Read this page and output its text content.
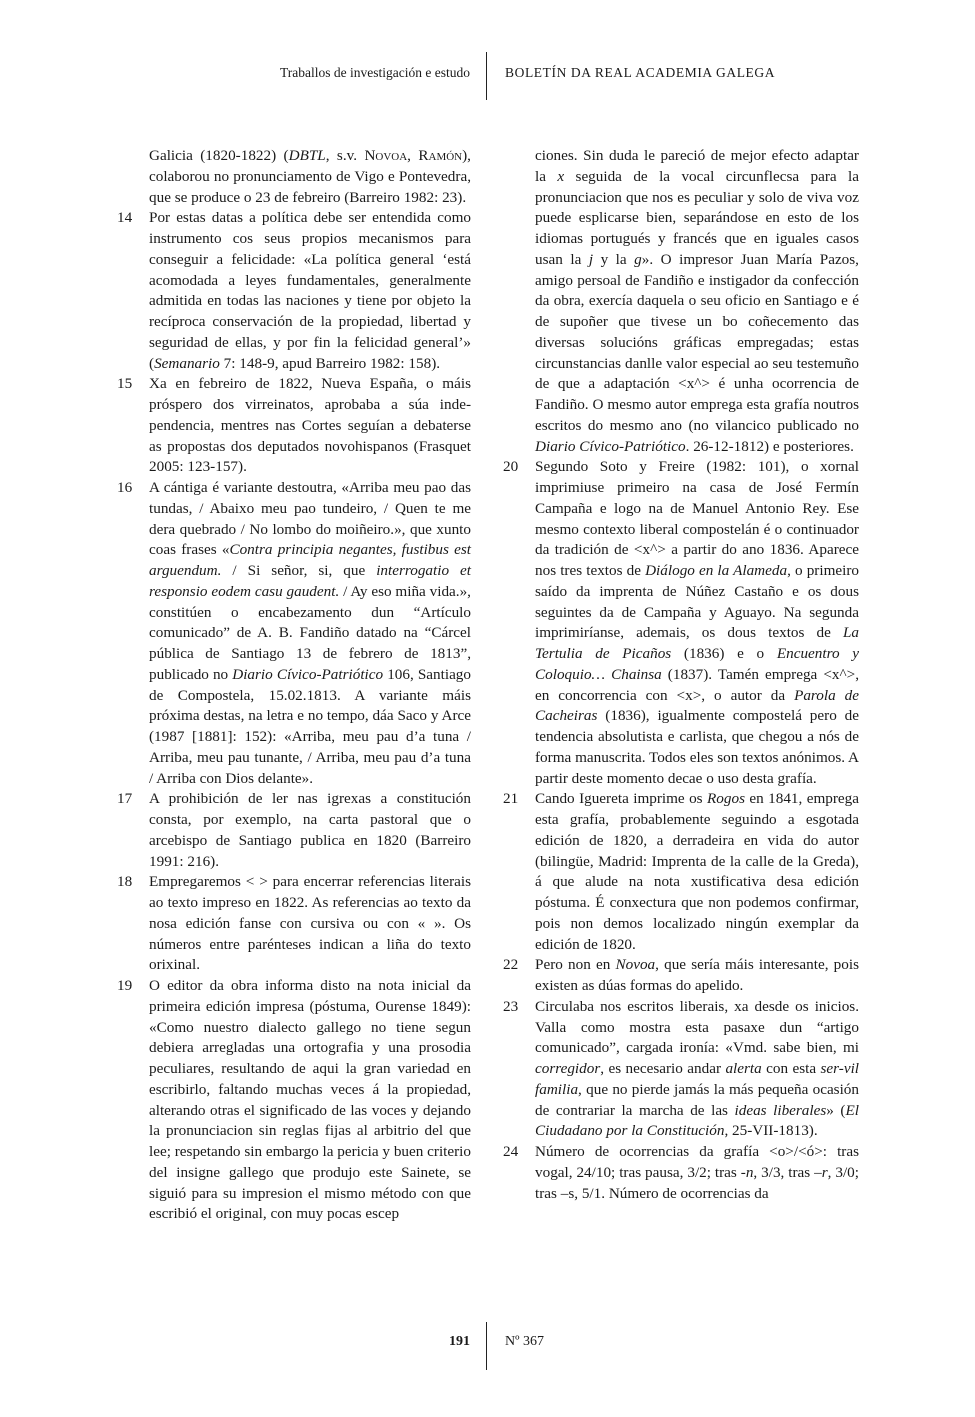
Traballos de investigación e estudo	BOLETÍN DA REAL ACADEMIA GALEGA
Galicia (1820-1822) (DBTL, s.v. Novoa, Ramón), colaborou no pronunciamento de Vigo e Pontevedra, que se produce o 23 de febreiro (Barreiro 1982: 23).
14 Por estas datas a política debe ser entendida como instrumento cos seus propios mecanismos para conseguir a felicidade: «La política general ‘está acomodada a leyes fundamentales, generalmente admitida en todas las naciones y tiene por objeto la recíproca conservación de la propiedad, libertad y seguridad de ellas, y por fin la felicidad general’» (Semanario 7: 148-9, apud Barreiro 1982: 158).
15 Xa en febreiro de 1822, Nueva España, o máis próspero dos virreinatos, aprobaba a súa independencia, mentres nas Cortes seguían a debaterse as propostas dos deputados novohispanos (Frasquet 2005: 123-157).
16 A cántiga é variante destoutra, «Arriba meu pao das tundas, / Abaixo meu pao tundeiro, / Quen te me dera quebrado / No lombo do moiñeiro.», que xunto coas frases «Contra principia negantes, fustibus est arguendum. / Si señor, si, que interrogatio et responsio eodem casu gaudent. / Ay eso miña vida.», constitúen o encabezamento dun “Artículo comunicado” de A. B. Fandiño datado na “Cárcel pública de Santiago 13 de febrero de 1813”, publicado no Diario Cívico-Patriótico 106, Santiago de Compostela, 15.02.1813. A variante máis próxima destas, na letra e no tempo, dáa Saco y Arce (1987 [1881]: 152): «Arriba, meu pau d’a tuna / Arriba, meu pau tunante, / Arriba, meu pau d’a tuna / Arriba con Dios delante».
17 A prohibición de ler nas igrexas a constitución consta, por exemplo, na carta pastoral que o arcebispo de Santiago publica en 1820 (Barreiro 1991: 216).
18 Empregaremos < > para encerrar referencias literais ao texto impreso en 1822. As referencias ao texto da nosa edición fanse con cursiva ou con « ». Os números entre parénteses indican a liña do texto orixinal.
19 O editor da obra informa disto na nota inicial da primeira edición impresa (póstuma, Ourense 1849): «Como nuestro dialecto gallego no tiene segun debiera arregladas una ortografia y una prosodia peculiares, resultando de aqui la gran variedad en escribirlo, faltando muchas veces á la propiedad, alterando otras el significado de las voces y dejando la pronunciacion sin reglas fijas al arbitrio del que lee; respetando sin embargo la pericia y buen criterio del insigne gallego que produjo este Sainete, se siguió para su impresion el mismo método con que escribió el original, con muy pocas escep
ciones. Sin duda le pareció de mejor efecto adaptar la x seguida de la vocal circunflecsa para la pronunciacion que nos es peculiar y solo de viva voz puede esplicarse bien, separándose en esto de los idiomas portugués y francés que en iguales casos usan la j y la g». O impresor Juan María Pazos, amigo persoal de Fandiño e instigador da confección da obra, exercía daquela o seu oficio en Santiago e é de supoñer que tivese un bo coñecemento das diversas solucións gráficas empregadas; estas circunstancias danlle valor especial ao seu testemuño de que a adaptación <x^> é unha ocorrencia de Fandiño. O mesmo autor emprega esta grafía noutros escritos do mesmo ano (no vilancico publicado no Diario Cívico-Patriótico. 26-12-1812) e posteriores.
20 Segundo Soto y Freire (1982: 101), o xornal imprimiuse primeiro na casa de José Fermín Campaña e logo na de Manuel Antonio Rey. Ese mesmo contexto liberal compostelán é o continuador da tradición de <x^> a partir do ano 1836. Aparece nos tres textos de Diálogo en la Alameda, o primeiro saído da imprenta de Núñez Castaño e os dous seguintes da de Campaña y Aguayo. Na segunda imprimiríanse, ademais, os dous textos de La Tertulia de Picaños (1836) e o Encuentro y Coloquio… Chainsa (1837). Tamén emprega <x^>, en concorrencia con <x>, o autor da Parola de Cacheiras (1836), igualmente compostelá pero de tendencia absolutista e carlista, que chegou a nós de forma manuscrita. Todos eles son textos anónimos. A partir deste momento decae o uso desta grafía.
21 Cando Iguereta imprime os Rogos en 1841, emprega esta grafía, probablemente seguindo a esgotada edición de 1820, a derradeira en vida do autor (bilingüe, Madrid: Imprenta de la calle de la Greda), á que alude na nota xustificativa desa edición póstuma. É conxectura que non podemos confirmar, pois non demos localizado ningún exemplar da edición de 1820.
22 Pero non en Novoa, que sería máis interesante, pois existen as dúas formas do apelido.
23 Circulaba nos escritos liberais, xa desde os inicios. Valla como mostra esta pasaxe dun “artigo comunicado”, cargada ironía: «Vmd. sabe bien, mi corregidor, es necesario andar alerta con esta ser-vil familia, que no pierde jamás la más pequeña ocasión de contrariar la marcha de las ideas liberales» (El Ciudadano por la Constitución, 25-VII-1813).
24 Número de ocorrencias da grafía <o>/<ó>: tras vogal, 24/10; tras pausa, 3/2; tras -n, 3/3, tras –r, 3/0; tras –s, 5/1. Número de ocorrencias da
191	Nº 367
